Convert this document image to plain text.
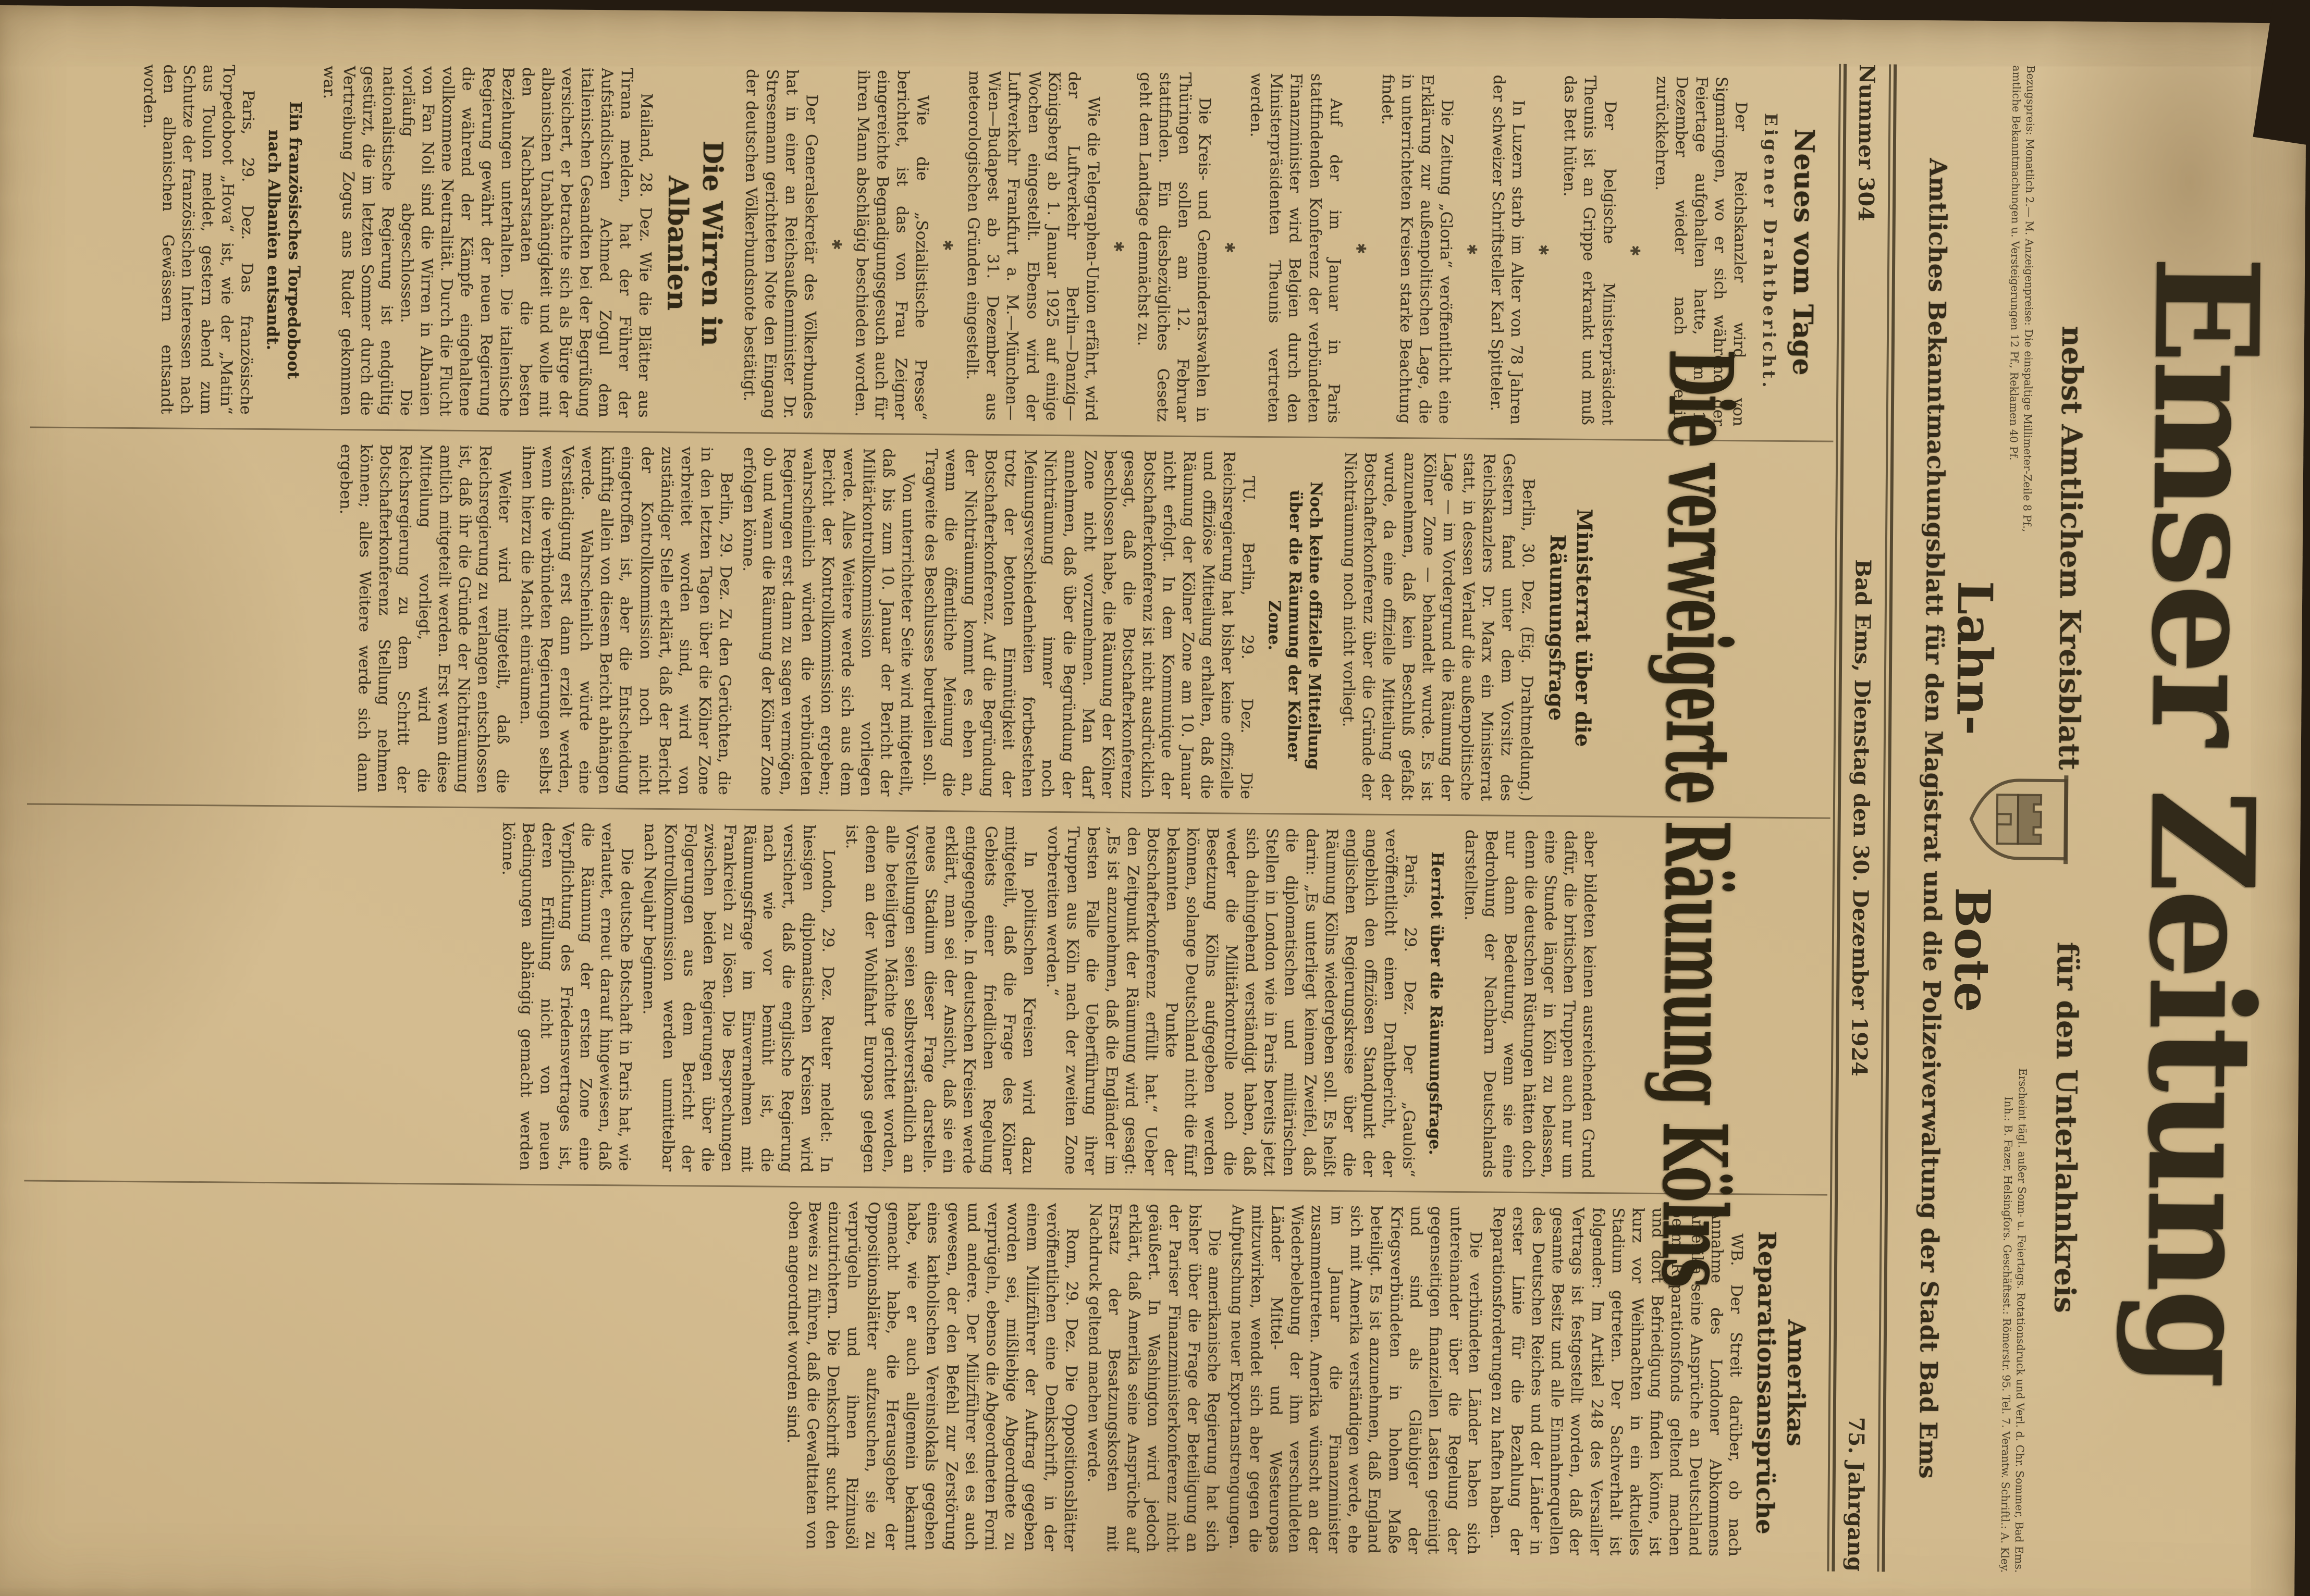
Emser Zeitung
nebst Amtlichem Kreisblatt
für den Unterlahnkreis
Bezugspreis: Monatlich 2.— M. Anzeigenpreise: Die einspaltige Millimeter-Zeile 8 Pf., amtliche Bekanntmachungen u. Versteigerungen 12 Pf., Reklamen 40 Pf.
Erscheint tägl. außer Sonn- u. Feiertags. Rotationsdruck und Verl. d. Chr. Sommer, Bad Ems. Inh.: B. Fazer, Helsingfors. Geschäftsst.: Römerstr. 95. Tel. 7. Verantw. Schriftl.: A. Kley.
Lahn-
Bote
Amtliches Bekanntmachungsblatt für den Magistrat und die Polizeiverwaltung der Stadt Bad Ems
Nummer 304
Bad Ems, Dienstag den 30. Dezember 1924
75. Jahrgang
Die verweigerte Räumung Kölns
Neues vom Tage
Eigener Drahtbericht.

Der Reichskanzler wird von Sigmaringen, wo er sich während der Feiertage aufgehalten hatte, am 31. Dezember wieder nach Berlin zurückkehren.

✱

Der belgische Ministerpräsident Theunis ist an Grippe erkrankt und muß das Bett hüten.

✱

In Luzern starb im Alter von 78 Jahren der schweizer Schriftsteller Karl Spitteler.

✱

Die Zeitung „Gloria“ veröffentlicht eine Erklärung zur außenpolitischen Lage, die in unterrichteten Kreisen starke Beachtung findet.

✱

Auf der im Januar in Paris stattfindenden Konferenz der verbündeten Finanzminister wird Belgien durch den Ministerpräsidenten Theunis vertreten werden.

✱

Die Kreis- und Gemeinderatswahlen in Thüringen sollen am 12. Februar stattfinden. Ein diesbezügliches Gesetz geht dem Landtage demnächst zu.

✱

Wie die Telegraphen-Union erfährt, wird der Luftverkehr Berlin—Danzig—Königsberg ab 1. Januar 1925 auf einige Wochen eingestellt. Ebenso wird der Luftverkehr Frankfurt a. M.—München—Wien—Budapest ab 31. Dezember aus meteorologischen Gründen eingestellt.

✱

Wie die „Sozialistische Presse“ berichtet, ist das von Frau Zeigner eingereichte Begnadigungsgesuch auch für ihren Mann abschlägig beschieden worden.

✱

Der Generalsekretär des Völkerbundes hat in einer an Reichsaußenminister Dr. Stresemann gerichteten Note den Eingang der deutschen Völkerbundsnote bestätigt.

Die Wirren in Albanien

Mailand, 28. Dez. Wie die Blätter aus Tirana melden, hat der Führer der Aufständischen Achmed Zogul dem italienischen Gesandten bei der Begrüßung versichert, er betrachte sich als Bürge der albanischen Unabhängigkeit und wolle mit den Nachbarstaaten die besten Beziehungen unterhalten. Die italienische Regierung gewährt der neuen Regierung die während der Kämpfe eingehaltene vollkommene Neutralität. Durch die Flucht von Fan Noli sind die Wirren in Albanien vorläufig abgeschlossen. Die nationalistische Regierung ist endgültig gestürzt, die im letzten Sommer durch die Vertreibung Zogus ans Ruder gekommen war.

Ein französisches Torpedoboot nach Albanien entsandt.

Paris, 29. Dez. Das französische Torpedoboot „Hova“ ist, wie der „Matin“ aus Toulon meldet, gestern abend zum Schutze der französischen Interessen nach den albanischen Gewässern entsandt worden.

Ministerrat über die Räumungsfrage

Berlin, 30. Dez. (Eig. Drahtmeldung.) Gestern fand unter dem Vorsitz des Reichskanzlers Dr. Marx ein Ministerrat statt, in dessen Verlauf die außenpolitische Lage — im Vordergrund die Räumung der Kölner Zone — behandelt wurde. Es ist anzunehmen, daß kein Beschluß gefaßt wurde, da eine offizielle Mitteilung der Botschafterkonferenz über die Gründe der Nichträumung noch nicht vorliegt.

Noch keine offizielle Mitteilung über die Räumung der Kölner Zone.

TU. Berlin, 29. Dez. Die Reichsregierung hat bisher keine offizielle und offiziöse Mitteilung erhalten, daß die Räumung der Kölner Zone am 10. Januar nicht erfolgt. In dem Kommunique der Botschafterkonferenz ist nicht ausdrücklich gesagt, daß die Botschafterkonferenz beschlossen habe, die Räumung der Kölner Zone nicht vorzunehmen. Man darf annehmen, daß über die Begründung der Nichträumung immer noch Meinungsverschiedenheiten fortbestehen trotz der betonten Einmütigkeit der Botschafterkonferenz. Auf die Begründung der Nichträumung kommt es eben an, wenn die öffentliche Meinung die Tragweite des Beschlusses beurteilen soll.

Von unterrichteter Seite wird mitgeteilt, daß bis zum 10. Januar der Bericht der Militärkontrollkommission vorliegen werde. Alles Weitere werde sich aus dem Bericht der Kontrollkommission ergeben; wahrscheinlich würden die verbündeten Regierungen erst dann zu sagen vermögen, ob und wann die Räumung der Kölner Zone erfolgen könne.

Berlin, 29. Dez. Zu den Gerüchten, die in den letzten Tagen über die Kölner Zone verbreitet worden sind, wird von zuständiger Stelle erklärt, daß der Bericht der Kontrollkommission noch nicht eingetroffen ist, aber die Entscheidung künftig allein von diesem Bericht abhängen werde. Wahrscheinlich würde eine Verständigung erst dann erzielt werden, wenn die verbündeten Regierungen selbst ihnen hierzu die Macht einräumen.

Weiter wird mitgeteilt, daß die Reichsregierung zu verlangen entschlossen ist, daß ihr die Gründe der Nichträumung amtlich mitgeteilt werden. Erst wenn diese Mitteilung vorliegt, wird die Reichsregierung zu dem Schritt der Botschafterkonferenz Stellung nehmen können; alles Weitere werde sich dann ergeben.

aber bildeten keinen ausreichenden Grund dafür, die britischen Truppen auch nur um eine Stunde länger in Köln zu belassen, denn die deutschen Rüstungen hätten doch nur dann Bedeutung, wenn sie eine Bedrohung der Nachbarn Deutschlands darstellten.

Herriot über die Räumungsfrage.

Paris, 29. Dez. Der „Gaulois“ veröffentlicht einen Drahtbericht, der angeblich den offiziösen Standpunkt der englischen Regierungskreise über die Räumung Kölns wiedergeben soll. Es heißt darin: „Es unterliegt keinem Zweifel, daß die diplomatischen und militärischen Stellen in London wie in Paris bereits jetzt sich dahingehend verständigt haben, daß weder die Militärkontrolle noch die Besetzung Kölns aufgegeben werden können, solange Deutschland nicht die fünf bekannten Punkte der Botschafterkonferenz erfüllt hat.“ Ueber den Zeitpunkt der Räumung wird gesagt: „Es ist anzunehmen, daß die Engländer im besten Falle die Ueberführung ihrer Truppen aus Köln nach der zweiten Zone vorbereiten werden.“

In politischen Kreisen wird dazu mitgeteilt, daß die Frage des Kölner Gebiets einer friedlichen Regelung entgegengehe. In deutschen Kreisen werde erklärt, man sei der Ansicht, daß sie ein neues Stadium dieser Frage darstelle. Vorstellungen seien selbstverständlich an alle beteiligten Mächte gerichtet worden, denen an der Wohlfahrt Europas gelegen ist.

London, 29. Dez. Reuter meldet: In hiesigen diplomatischen Kreisen wird versichert, daß die englische Regierung nach wie vor bemüht ist, die Räumungsfrage im Einvernehmen mit Frankreich zu lösen. Die Besprechungen zwischen beiden Regierungen über die Folgerungen aus dem Bericht der Kontrollkommission werden unmittelbar nach Neujahr beginnen.

Die deutsche Botschaft in Paris hat, wie verlautet, erneut darauf hingewiesen, daß die Räumung der ersten Zone eine Verpflichtung des Friedensvertrages ist, deren Erfüllung nicht von neuen Bedingungen abhängig gemacht werden könne.

Amerikas Reparationsansprüche

WB. Der Streit darüber, ob nach Annahme des Londoner Abkommens Amerika seine Ansprüche an Deutschland beim Reparationsfonds geltend machen und dort Befriedigung finden könne, ist kurz vor Weihnachten in ein aktuelles Stadium getreten. Der Sachverhalt ist folgender: Im Artikel 248 des Versailler Vertrags ist festgestellt worden, daß der gesamte Besitz und alle Einnahmequellen des Deutschen Reiches und der Länder in erster Linie für die Bezahlung der Reparationsforderungen zu haften haben.

Die verbündeten Länder haben sich untereinander über die Regelung der gegenseitigen finanziellen Lasten geeinigt und sind als Gläubiger der Kriegsverbündeten in hohem Maße beteiligt. Es ist anzunehmen, daß England sich mit Amerika verständigen werde, ehe im Januar die Finanzminister zusammentreten. Amerika wünscht an der Wiederbelebung der ihm verschuldeten Länder Mittel- und Westeuropas mitzuwirken, wendet sich aber gegen die Aufputschung neuer Exportanstrengungen.

Die amerikanische Regierung hat sich bisher über die Frage der Beteiligung an der Pariser Finanzministerkonferenz nicht geäußert. In Washington wird jedoch erklärt, daß Amerika seine Ansprüche auf Ersatz der Besatzungskosten mit Nachdruck geltend machen werde.

Rom, 29. Dez. Die Oppositionsblätter veröffentlichen eine Denkschrift, in der einem Milizführer der Auftrag gegeben worden sei, mißliebige Abgeordnete zu verprügeln, ebenso die Abgeordneten Forni und andere. Der Milizführer sei es auch gewesen, der den Befehl zur Zerstörung eines katholischen Vereinslokals gegeben habe, wie er auch allgemein bekannt gemacht habe, die Herausgeber der Oppositionsblätter aufzusuchen, sie zu verprügeln und ihnen Rizinusöl einzutrichtern. Die Denkschrift sucht den Beweis zu führen, daß die Gewalttaten von oben angeordnet worden sind.
